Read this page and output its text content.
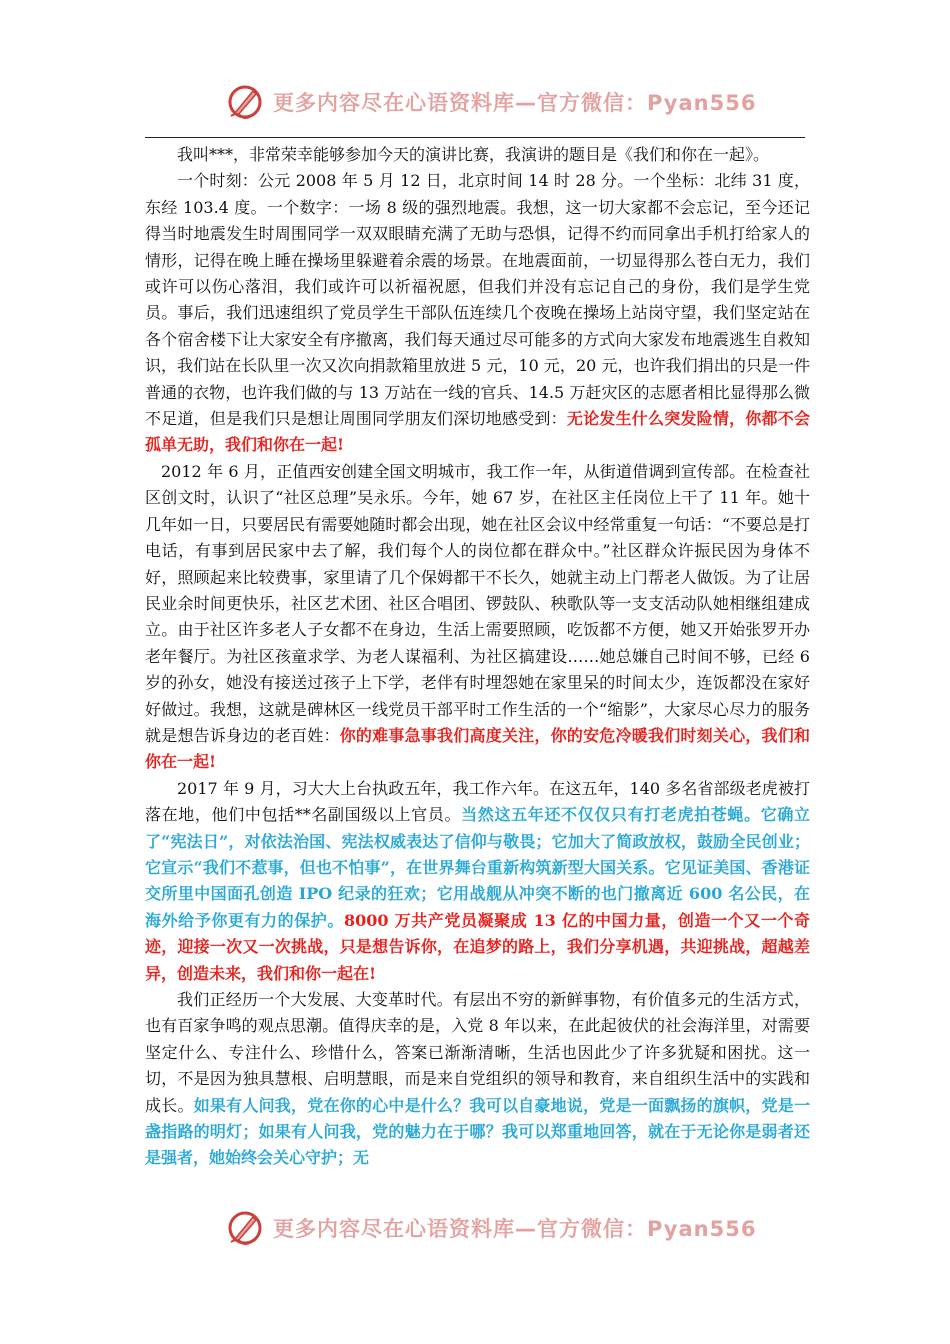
更多内容尽在心语资料库—官方微信：Pyan556

我叫***，非常荣幸能够参加今天的演讲比赛，我演讲的题目是《我们和你在一起》。

一个时刻：公元 2008 年 5 月 12 日，北京时间 14 时 28 分。一个坐标：北纬 31 度，东经 103.4 度。一个数字：一场 8 级的强烈地震。我想，这一切大家都不会忘记，至今还记得当时地震发生时周围同学一双双眼睛充满了无助与恐惧，记得不约而同拿出手机打给家人的情形，记得在晚上睡在操场里躲避着余震的场景。在地震面前，一切显得那么苍白无力，我们或许可以伤心落泪，我们或许可以祈福祝愿，但我们并没有忘记自己的身份，我们是学生党员。事后，我们迅速组织了党员学生干部队伍连续几个夜晚在操场上站岗守望，我们坚定站在各个宿舍楼下让大家安全有序撤离，我们每天通过尽可能多的方式向大家发布地震逃生自救知识，我们站在长队里一次又次向捐款箱里放进 5 元，10 元，20 元，也许我们捐出的只是一件普通的衣物，也许我们做的与 13 万站在一线的官兵、14.5 万赶灾区的志愿者相比显得那么微不足道，但是我们只是想让周围同学朋友们深切地感受到：无论发生什么突发险情，你都不会孤单无助，我们和你在一起!

2012 年 6 月，正值西安创建全国文明城市，我工作一年，从街道借调到宣传部。在检查社区创文时，认识了“社区总理”吴永乐。今年，她 67 岁，在社区主任岗位上干了 11 年。她十几年如一日，只要居民有需要她随时都会出现，她在社区会议中经常重复一句话：“不要总是打电话，有事到居民家中去了解，我们每个人的岗位都在群众中。”社区群众许振民因为身体不好，照顾起来比较费事，家里请了几个保姆都干不长久，她就主动上门帮老人做饭。为了让居民业余时间更快乐，社区艺术团、社区合唱团、锣鼓队、秧歌队等一支支活动队她相继组建成立。由于社区许多老人子女都不在身边，生活上需要照顾，吃饭都不方便，她又开始张罗开办老年餐厅。为社区孩童求学、为老人谋福利、为社区搞建设……她总嫌自己时间不够，已经 6 岁的孙女，她没有接送过孩子上下学，老伴有时埋怨她在家里呆的时间太少，连饭都没在家好好做过。我想，这就是碑林区一线党员干部平时工作生活的一个“缩影”，大家尽心尽力的服务就是想告诉身边的老百姓：你的难事急事我们高度关注，你的安危冷暖我们时刻关心，我们和你在一起!

2017 年 9 月，习大大上台执政五年，我工作六年。在这五年，140 多名省部级老虎被打落在地，他们中包括**名副国级以上官员。当然这五年还不仅仅只有打老虎拍苍蝇。它确立了“宪法日”，对依法治国、宪法权威表达了信仰与敬畏；它加大了简政放权，鼓励全民创业；它宣示“我们不惹事，但也不怕事”，在世界舞台重新构筑新型大国关系。它见证美国、香港证交所里中国面孔创造 IPO 纪录的狂欢；它用战舰从冲突不断的也门撤离近 600 名公民，在海外给予你更有力的保护。8000 万共产党员凝聚成 13 亿的中国力量，创造一个又一个奇迹，迎接一次又一次挑战，只是想告诉你，在追梦的路上，我们分享机遇，共迎挑战，超越差异，创造未来，我们和你一起在!

我们正经历一个大发展、大变革时代。有层出不穷的新鲜事物，有价值多元的生活方式，也有百家争鸣的观点思潮。值得庆幸的是，入党 8 年以来，在此起彼伏的社会海洋里，对需要坚定什么、专注什么、珍惜什么，答案已渐渐清晰，生活也因此少了许多犹疑和困扰。这一切，不是因为独具慧根、启明慧眼，而是来自党组织的领导和教育，来自组织生活中的实践和成长。如果有人问我，党在你的心中是什么？我可以自豪地说，党是一面飘扬的旗帜，党是一盏指路的明灯；如果有人问我，党的魅力在于哪？我可以郑重地回答，就在于无论你是弱者还是强者，她始终会关心守护；无

更多内容尽在心语资料库—官方微信：Pyan556
